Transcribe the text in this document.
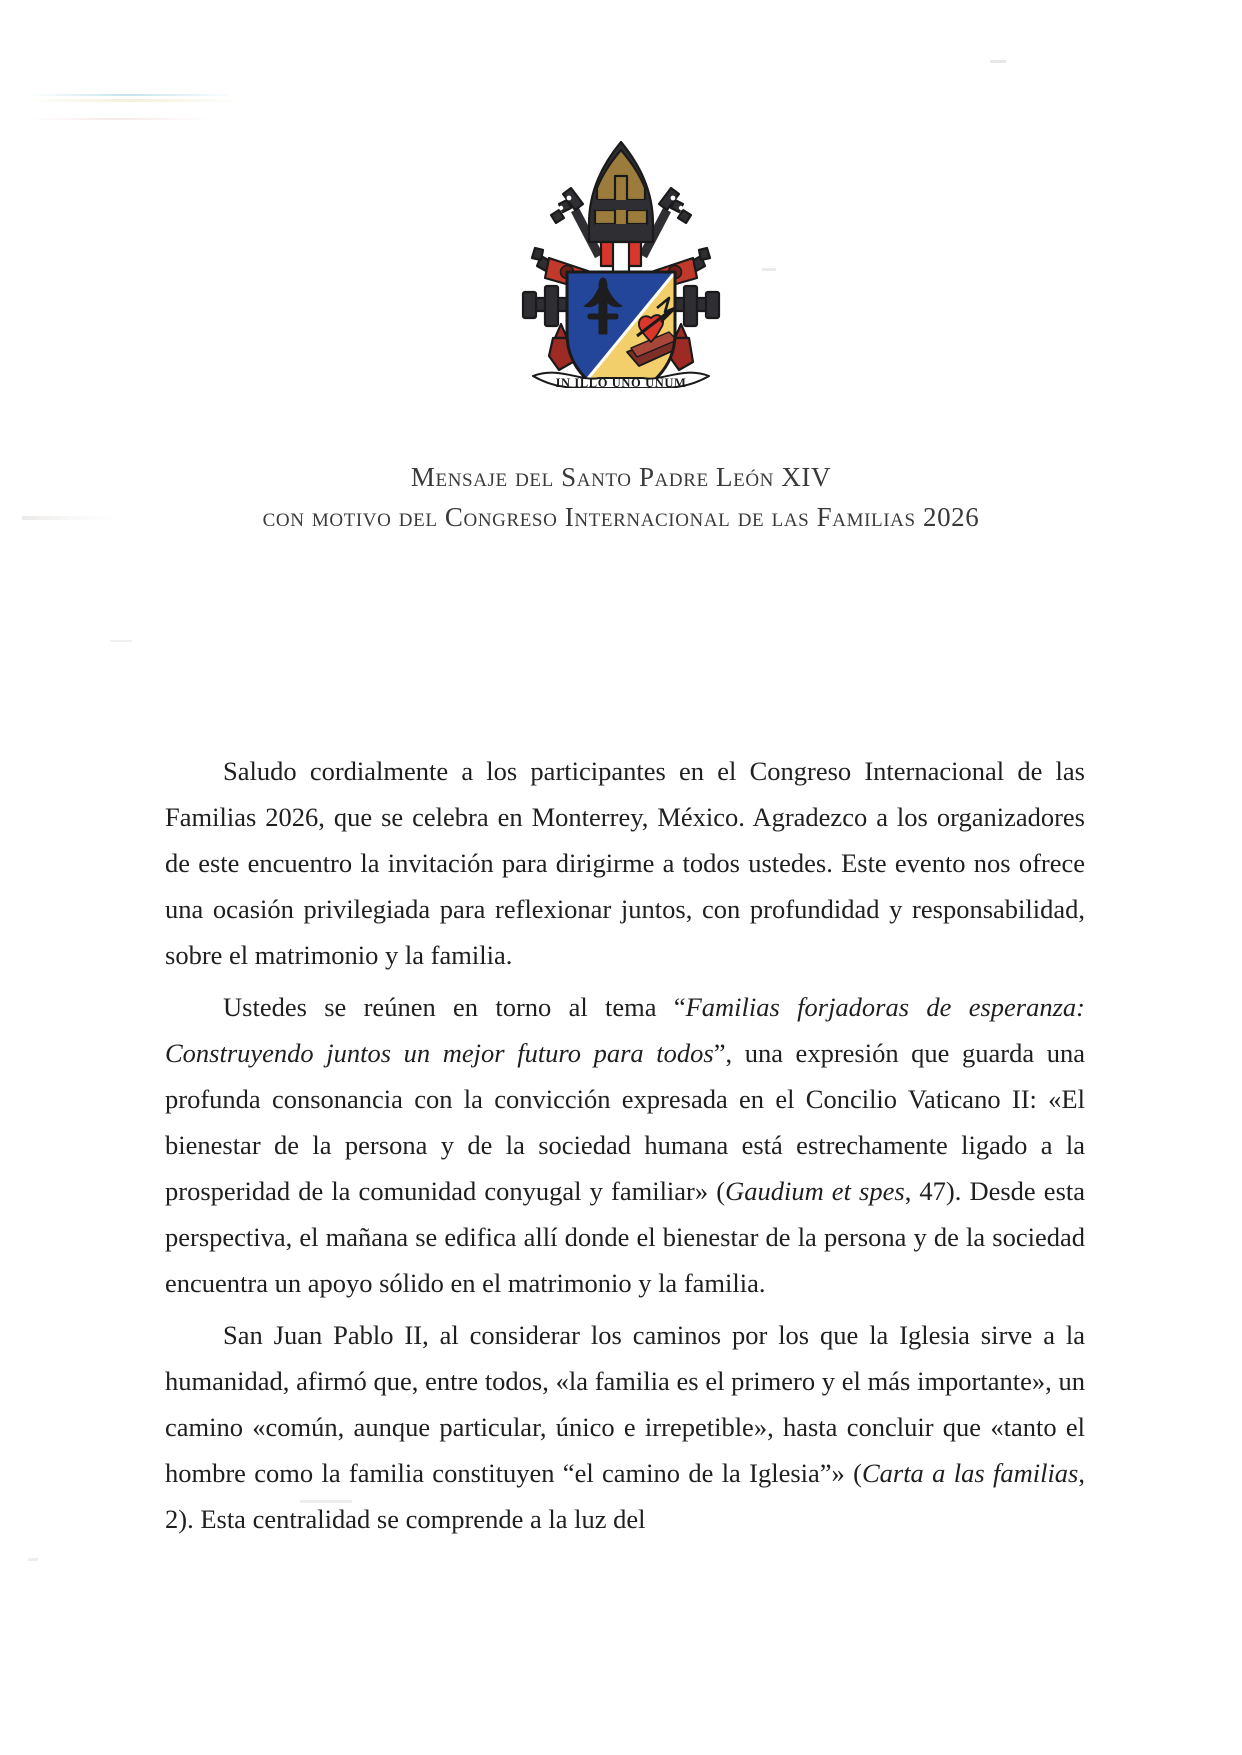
IN ILLO UNO UNUM
Mensaje del Santo Padre León XIV
con motivo del Congreso Internacional de las Familias 2026

Saludo cordialmente a los participantes en el Congreso Internacional de las Familias 2026, que se celebra en Monterrey, México. Agradezco a los organizadores de este encuentro la invitación para dirigirme a todos ustedes. Este evento nos ofrece una ocasión privilegiada para reflexionar juntos, con profundidad y responsabilidad, sobre el matrimonio y la familia.

Ustedes se reúnen en torno al tema “Familias forjadoras de esperanza: Construyendo juntos un mejor futuro para todos”, una expresión que guarda una profunda consonancia con la convicción expresada en el Concilio Vaticano II: «El bienestar de la persona y de la sociedad humana está estrechamente ligado a la prosperidad de la comunidad conyugal y familiar» (Gaudium et spes, 47). Desde esta perspectiva, el mañana se edifica allí donde el bienestar de la persona y de la sociedad encuentra un apoyo sólido en el matrimonio y la familia.

San Juan Pablo II, al considerar los caminos por los que la Iglesia sirve a la humanidad, afirmó que, entre todos, «la familia es el primero y el más importante», un camino «común, aunque particular, único e irrepetible», hasta concluir que «tanto el hombre como la familia constituyen “el camino de la Iglesia”» (Carta a las familias, 2). Esta centralidad se comprende a la luz del
